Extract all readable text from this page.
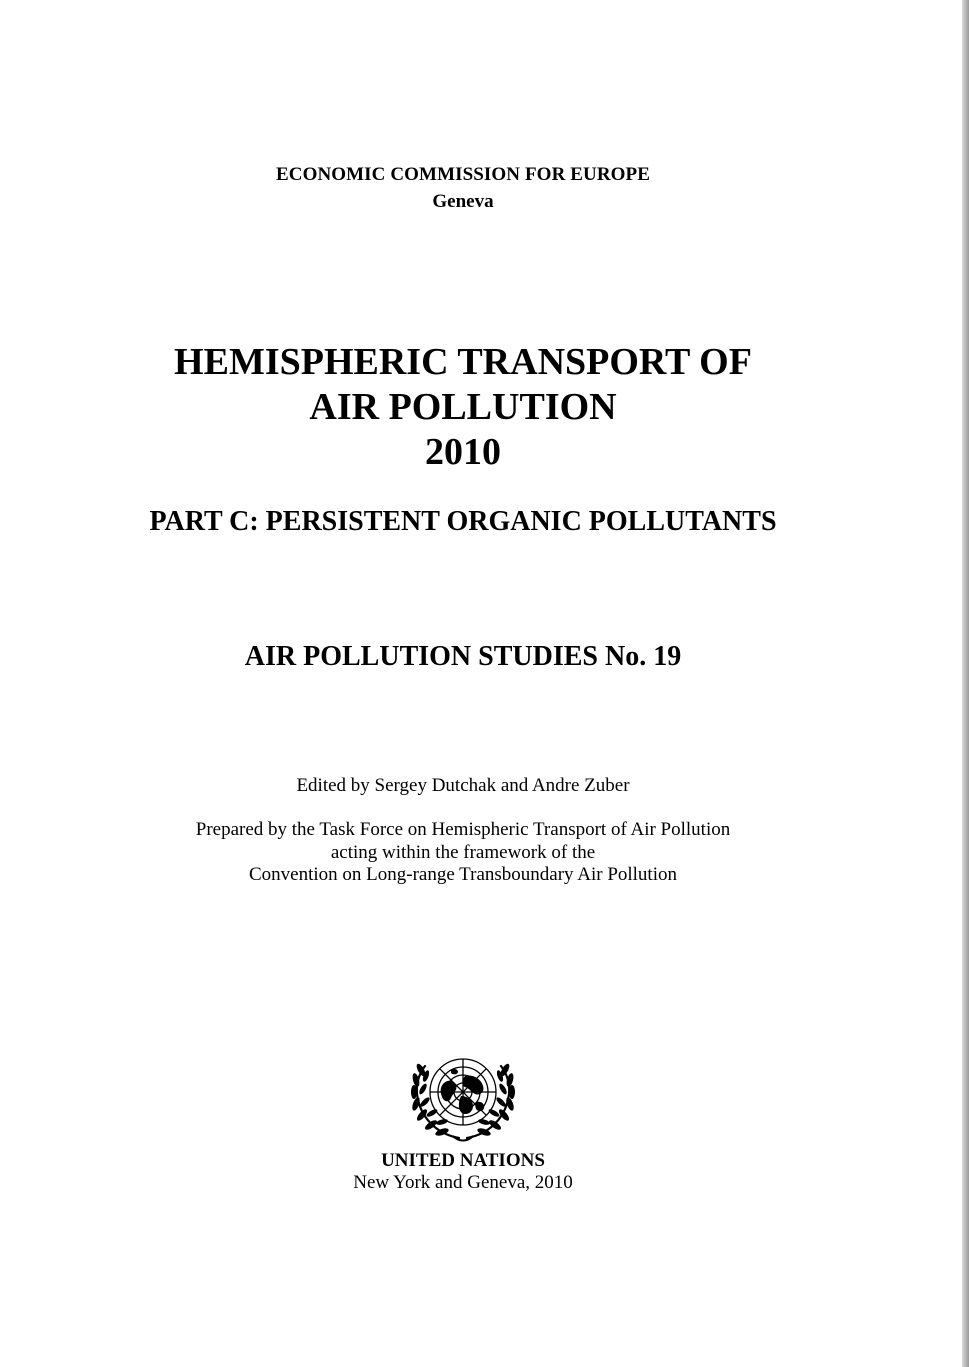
ECONOMIC COMMISSION FOR EUROPE
Geneva
HEMISPHERIC TRANSPORT OF
AIR POLLUTION
2010
PART C: PERSISTENT ORGANIC POLLUTANTS
AIR POLLUTION STUDIES No. 19
Edited by Sergey Dutchak and Andre Zuber
Prepared by the Task Force on Hemispheric Transport of Air Pollution
acting within the framework of the
Convention on Long-range Transboundary Air Pollution
UNITED NATIONS
New York and Geneva, 2010
